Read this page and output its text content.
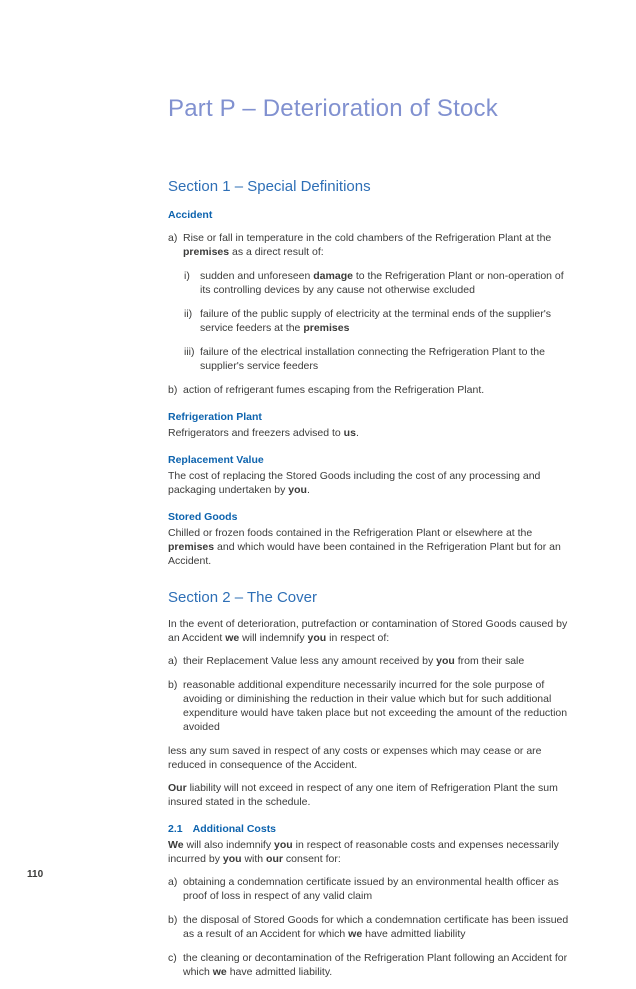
Part P – Deterioration of Stock
Section 1 – Special Definitions
Accident
a) Rise or fall in temperature in the cold chambers of the Refrigeration Plant at the premises as a direct result of:
i) sudden and unforeseen damage to the Refrigeration Plant or non-operation of its controlling devices by any cause not otherwise excluded
ii) failure of the public supply of electricity at the terminal ends of the supplier's service feeders at the premises
iii) failure of the electrical installation connecting the Refrigeration Plant to the supplier's service feeders
b) action of refrigerant fumes escaping from the Refrigeration Plant.
Refrigeration Plant

Refrigerators and freezers advised to us.

Replacement Value

The cost of replacing the Stored Goods including the cost of any processing and packaging undertaken by you.

Stored Goods

Chilled or frozen foods contained in the Refrigeration Plant or elsewhere at the premises and which would have been contained in the Refrigeration Plant but for an Accident.

Section 2 – The Cover

In the event of deterioration, putrefaction or contamination of Stored Goods caused by an Accident we will indemnify you in respect of:

a) their Replacement Value less any amount received by you from their sale
b) reasonable additional expenditure necessarily incurred for the sole purpose of avoiding or diminishing the reduction in their value which but for such additional expenditure would have taken place but not exceeding the amount of the reduction avoided

less any sum saved in respect of any costs or expenses which may cease or are reduced in consequence of the Accident.

Our liability will not exceed in respect of any one item of Refrigeration Plant the sum insured stated in the schedule.

2.1 Additional Costs

We will also indemnify you in respect of reasonable costs and expenses necessarily incurred by you with our consent for:

a) obtaining a condemnation certificate issued by an environmental health officer as proof of loss in respect of any valid claim
b) the disposal of Stored Goods for which a condemnation certificate has been issued as a result of an Accident for which we have admitted liability
c) the cleaning or decontamination of the Refrigeration Plant following an Accident for which we have admitted liability.
110
